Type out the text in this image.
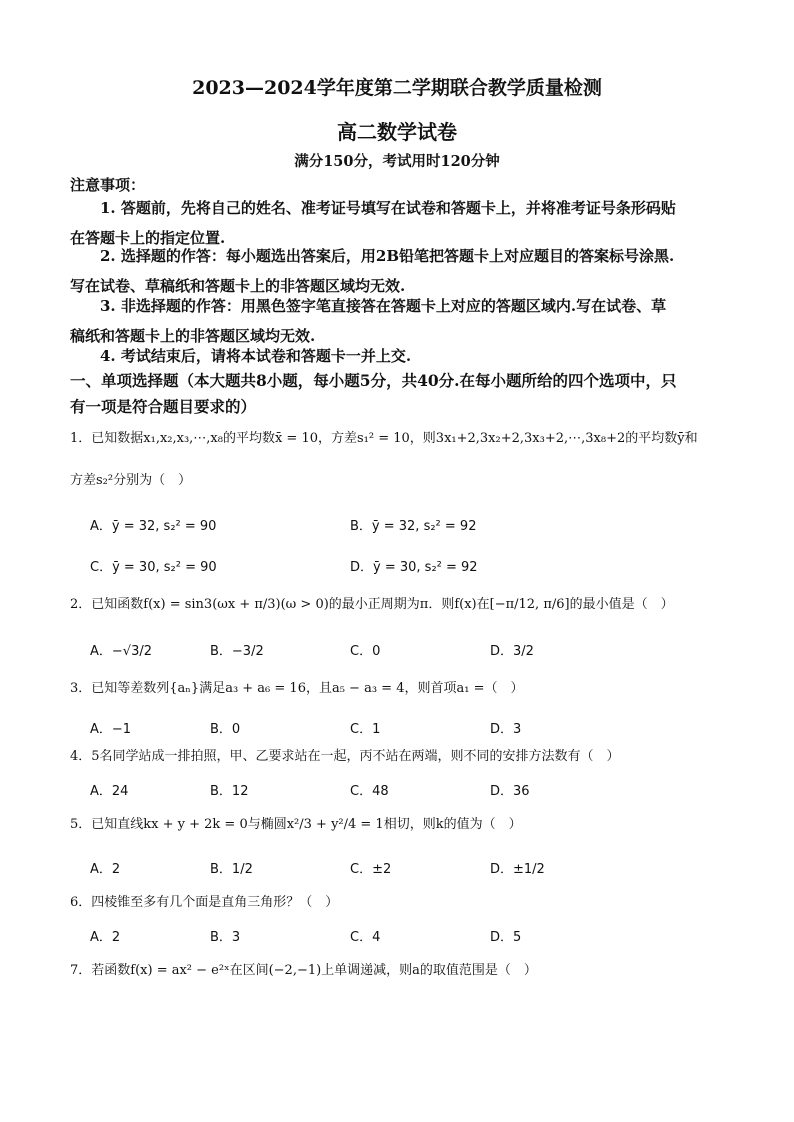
2023—2024学年度第二学期联合教学质量检测
高二数学试卷
满分150分，考试用时120分钟
注意事项：
1. 答题前，先将自己的姓名、准考证号填写在试卷和答题卡上，并将准考证号条形码贴
在答题卡上的指定位置.
2. 选择题的作答：每小题选出答案后，用2B铅笔把答题卡上对应题目的答案标号涂黑.
写在试卷、草稿纸和答题卡上的非答题区域均无效.
3. 非选择题的作答：用黑色签字笔直接答在答题卡上对应的答题区域内.写在试卷、草
稿纸和答题卡上的非答题区域均无效.
4. 考试结束后，请将本试卷和答题卡一并上交.
一、单项选择题（本大题共8小题，每小题5分，共40分.在每小题所给的四个选项中，只
有一项是符合题目要求的）
1．已知数据x₁,x₂,x₃,⋯,x₈的平均数x̄ = 10，方差s₁² = 10，则3x₁+2,3x₂+2,3x₃+2,⋯,3x₈+2的平均数ȳ和
方差s₂²分别为（　）
A．ȳ = 32, s₂² = 90	B．ȳ = 32, s₂² = 92
C．ȳ = 30, s₂² = 90	D．ȳ = 30, s₂² = 92
2．已知函数f(x) = sin3(ωx + π/3)(ω > 0)的最小正周期为π．则f(x)在[−π/12, π/6]的最小值是（　）
A．−√3/2	B．−3/2	C．0	D．3/2
3．已知等差数列{aₙ}满足a₃ + a₆ = 16，且a₅ − a₃ = 4，则首项a₁ =（　）
A．−1	B．0	C．1	D．3
4．5名同学站成一排拍照，甲、乙要求站在一起，丙不站在两端，则不同的安排方法数有（　）
A．24	B．12	C．48	D．36
5．已知直线kx + y + 2k = 0与椭圆x²/3 + y²/4 = 1相切，则k的值为（　）
A．2	B．1/2	C．±2	D．±1/2
6．四棱锥至多有几个面是直角三角形？（　）
A．2	B．3	C．4	D．5
7．若函数f(x) = ax² − e²ˣ在区间(−2,−1)上单调递减，则a的取值范围是（　）
